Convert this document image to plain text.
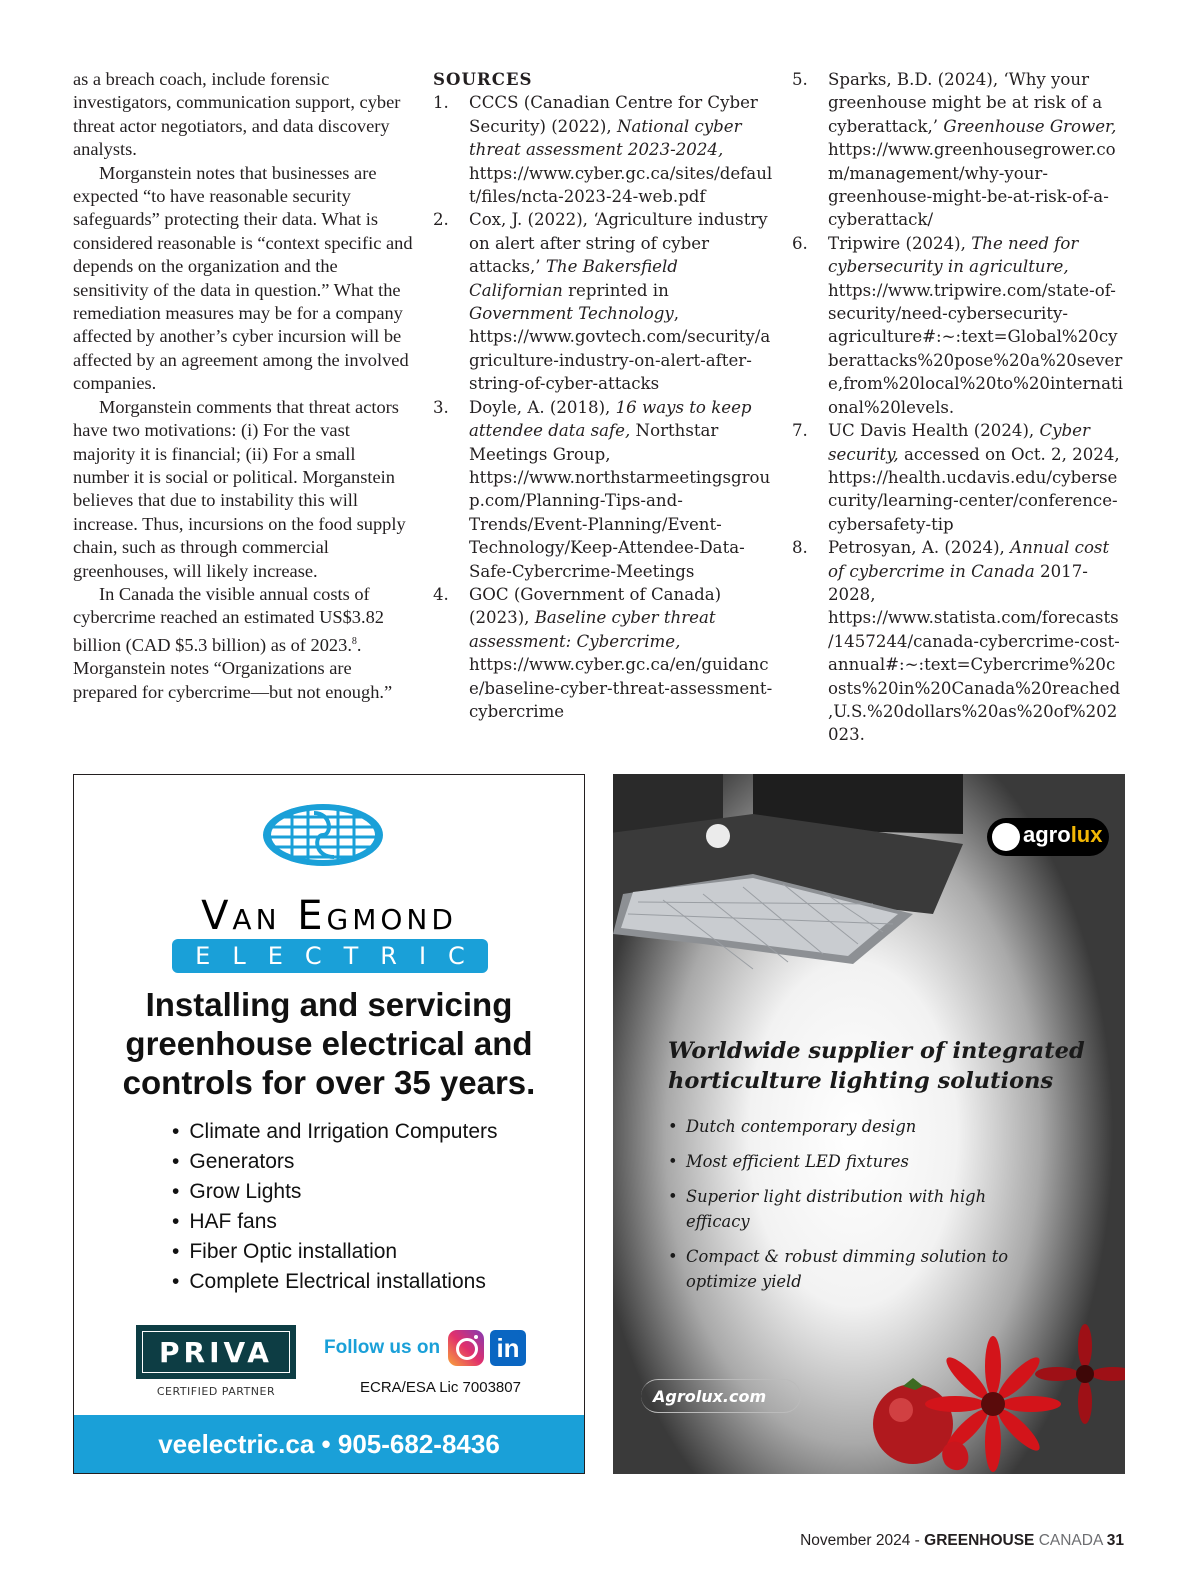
as a breach coach, include forensic investigators, communication support, cyber threat actor negotiators, and data discovery analysts.

Morganstein notes that businesses are expected “to have reasonable security safeguards” protecting their data. What is considered reasonable is “context specific and depends on the organization and the sensitivity of the data in question.” What the remediation measures may be for a company affected by another’s cyber incursion will be affected by an agreement among the involved companies.

Morganstein comments that threat actors have two motivations: (i) For the vast majority it is financial; (ii) For a small number it is social or political. Morganstein believes that due to instability this will increase. Thus, incursions on the food supply chain, such as through commercial greenhouses, will likely increase.

In Canada the visible annual costs of cybercrime reached an estimated US$3.82 billion (CAD $5.3 billion) as of 2023.$^8$. Morganstein notes “Organizations are prepared for cybercrime—but not enough.”

SOURCES

1.	CCCS (Canadian Centre for Cyber Security) (2022), National cyber threat assessment 2023-2024, https://www.cyber.gc.ca/sites/default/files/ncta-2023-24-web.pdf
2.	Cox, J. (2022), ‘Agriculture industry on alert after string of cyber attacks,’ The Bakersfield Californian reprinted in Government Technology, https://www.govtech.com/security/agriculture-industry-on-alert-after-string-of-cyber-attacks
3.	Doyle, A. (2018), 16 ways to keep attendee data safe, Northstar Meetings Group, https://www.northstarmeetingsgroup.com/Planning-Tips-and-Trends/Event-Planning/Event-Technology/Keep-Attendee-Data-Safe-Cybercrime-Meetings
4.	GOC (Government of Canada) (2023), Baseline cyber threat assessment: Cybercrime, https://www.cyber.gc.ca/en/guidance/baseline-cyber-threat-assessment-cybercrime
5.	Sparks, B.D. (2024), ‘Why your greenhouse might be at risk of a cyberattack,’ Greenhouse Grower, https://www.greenhousegrower.com/management/why-your-greenhouse-might-be-at-risk-of-a-cyberattack/
6.	Tripwire (2024), The need for cybersecurity in agriculture, https://www.tripwire.com/state-of-security/need-cybersecurity-agriculture#:~:text=Global%20cyberattacks%20pose%20a%20severe,from%20local%20to%20international%20levels.
7.	UC Davis Health (2024), Cyber security, accessed on Oct. 2, 2024, https://health.ucdavis.edu/cybersecurity/learning-center/conference-cybersafety-tip
8.	Petrosyan, A. (2024), Annual cost of cybercrime in Canada 2017-2028, https://www.statista.com/forecasts/1457244/canada-cybercrime-cost-annual#:~:text=Cybercrime%20costs%20in%20Canada%20reached,U.S.%20dollars%20as%20of%202023.
Van Egmond
ELECTRIC
Installing and servicing greenhouse electrical and controls for over 35 years.
• Climate and Irrigation Computers
• Generators
• Grow Lights
• HAF fans
• Fiber Optic installation
• Complete Electrical installations
PRIVA
CERTIFIED PARTNER
Follow us on in
ECRA/ESA Lic 7003807
veelectric.ca • 905-682-8436
agrolux
Worldwide supplier of integrated horticulture lighting solutions
• Dutch contemporary design
• Most efficient LED fixtures
• Superior light distribution with high efficacy
• Compact & robust dimming solution to optimize yield
Agrolux.com
November 2024 - GREENHOUSE CANADA 31
